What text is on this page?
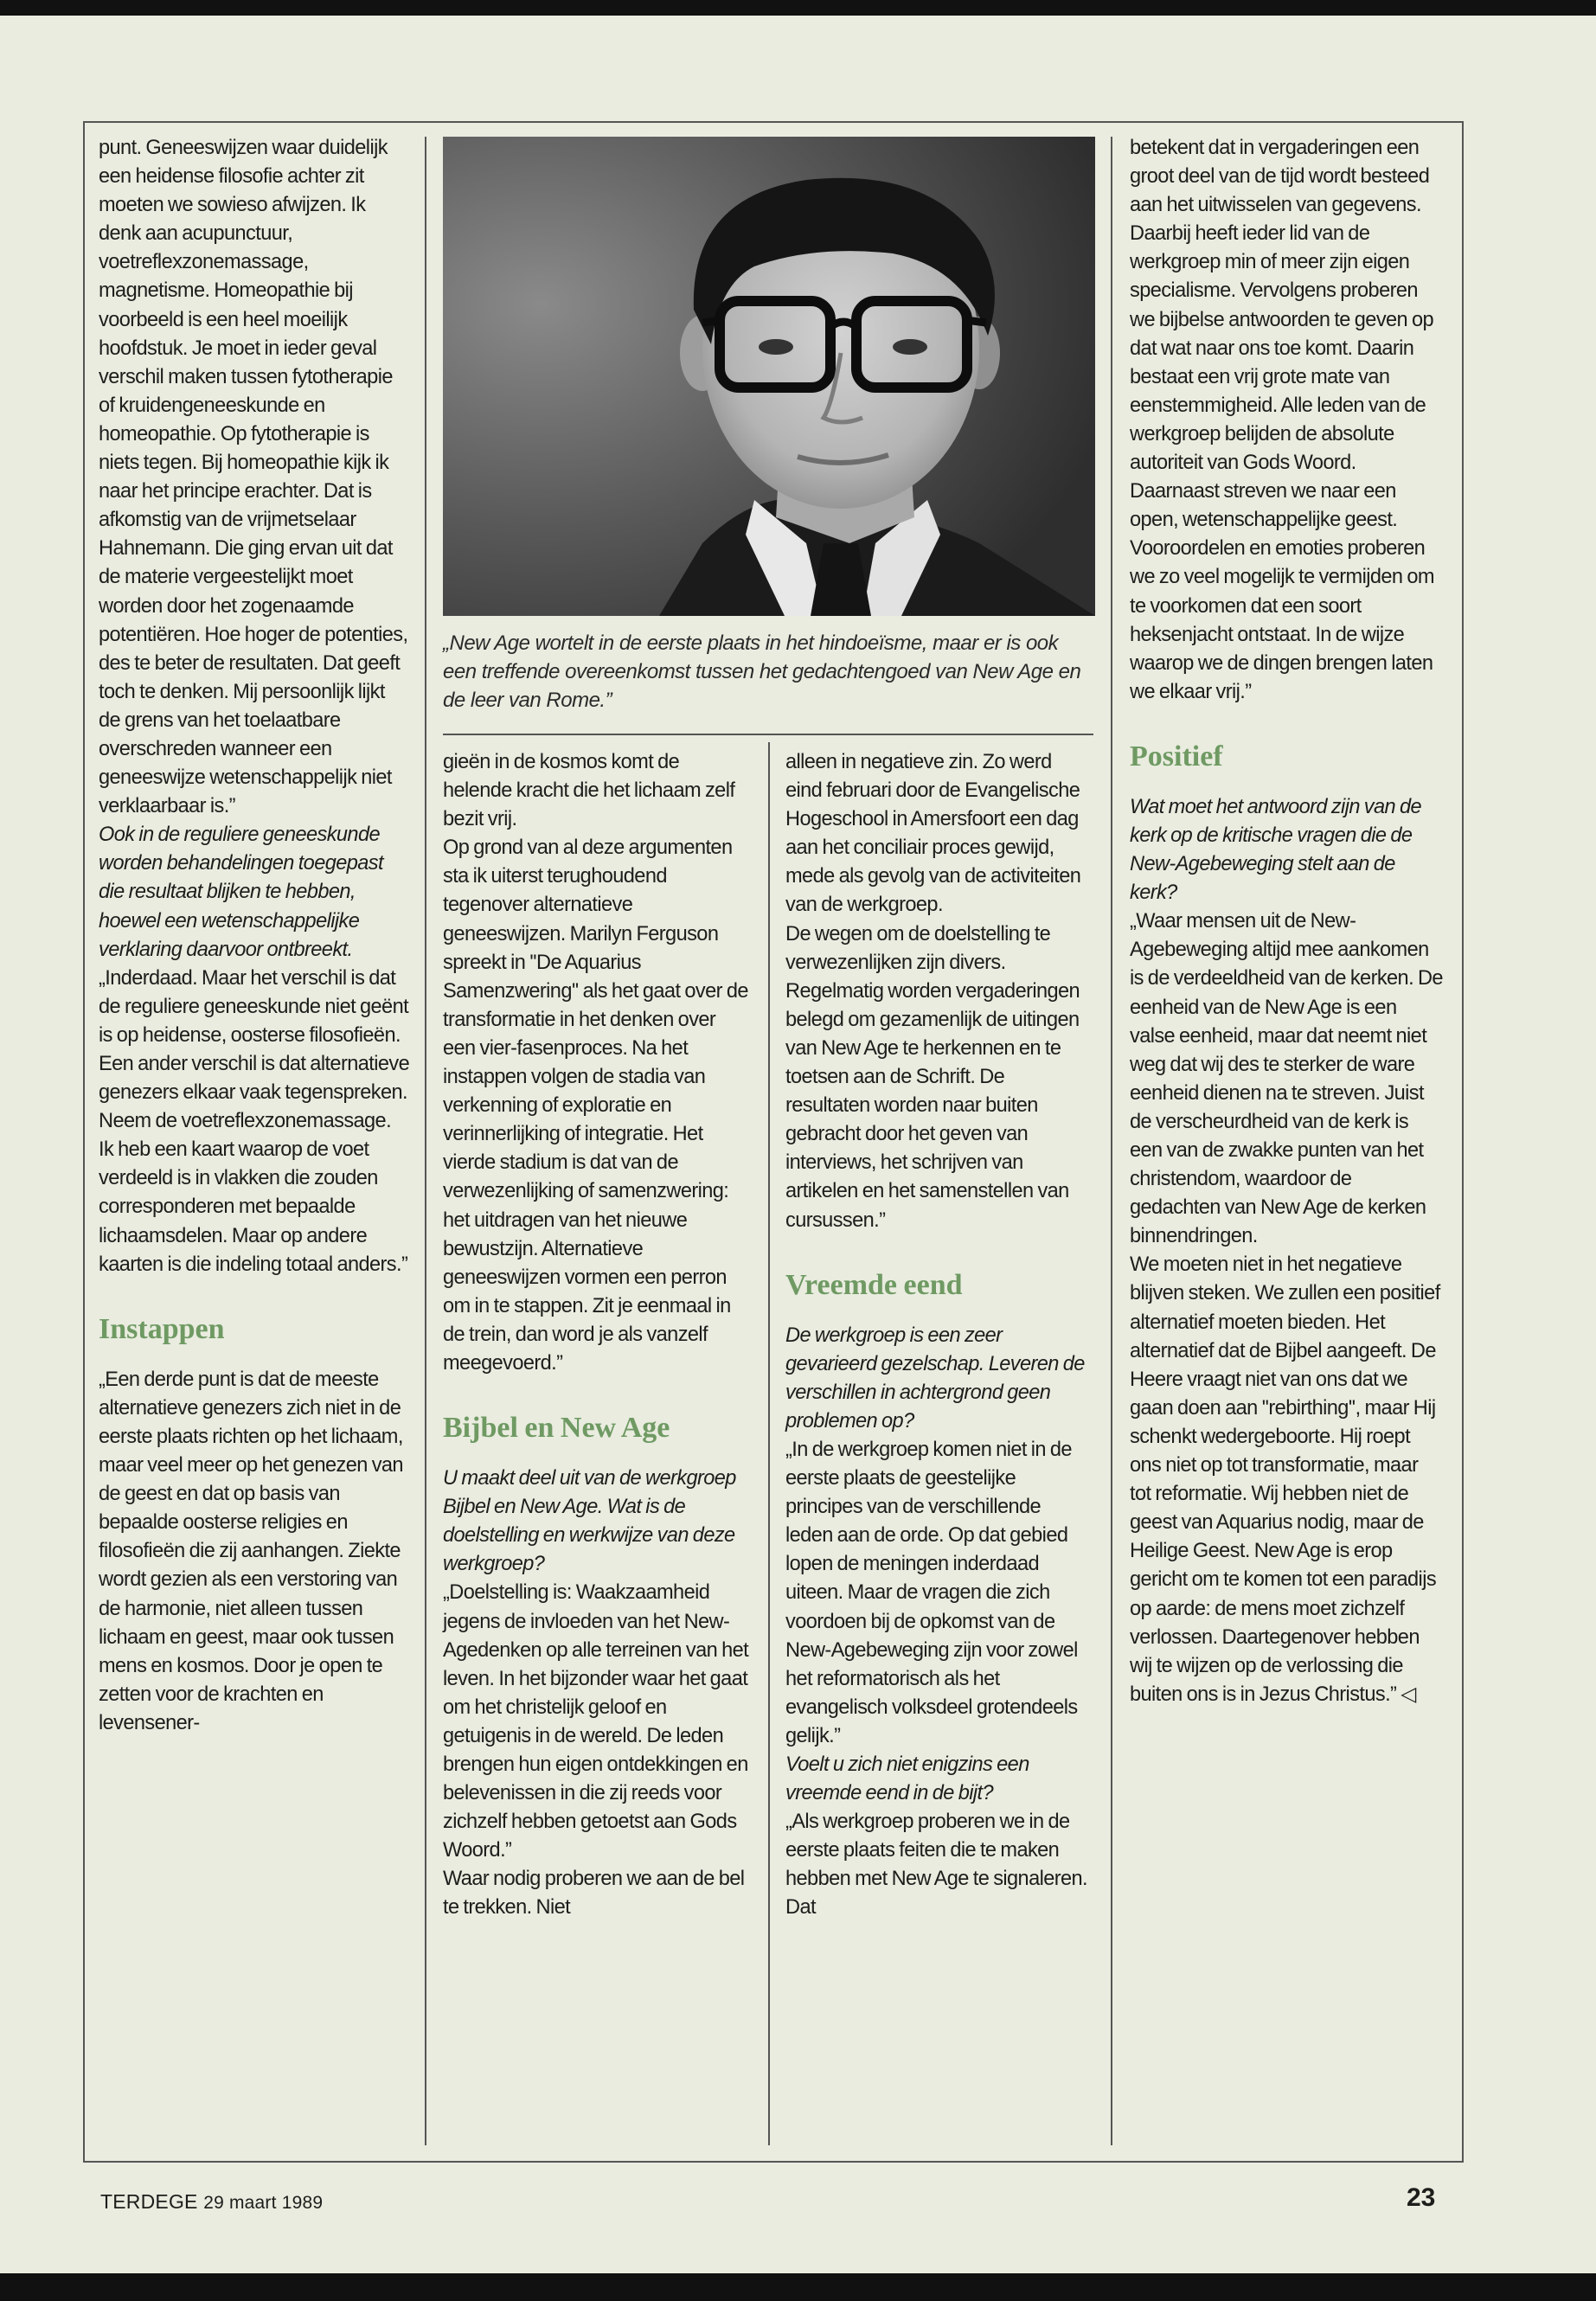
punt. Geneeswijzen waar duidelijk een heidense filosofie achter zit moeten we sowieso afwijzen. Ik denk aan acupunctuur, voetreflexzonemassage, magnetisme. Homeopathie bij voorbeeld is een heel moeilijk hoofdstuk. Je moet in ieder geval verschil maken tussen fytotherapie of kruidengeneeskunde en homeopathie. Op fytotherapie is niets tegen. Bij homeopathie kijk ik naar het principe erachter. Dat is afkomstig van de vrijmetselaar Hahnemann. Die ging ervan uit dat de materie vergeestelijkt moet worden door het zogenaamde potentiëren. Hoe hoger de potenties, des te beter de resultaten. Dat geeft toch te denken. Mij persoonlijk lijkt de grens van het toelaatbare overschreden wanneer een geneeswijze wetenschappelijk niet verklaarbaar is.”

Ook in de reguliere geneeskunde worden behandelingen toegepast die resultaat blijken te hebben, hoewel een wetenschappelijke verklaring daarvoor ontbreekt.

„Inderdaad. Maar het verschil is dat de reguliere geneeskunde niet geënt is op heidense, oosterse filosofieën. Een ander verschil is dat alternatieve genezers elkaar vaak tegenspreken. Neem de voetreflexzonemassage. Ik heb een kaart waarop de voet verdeeld is in vlakken die zouden corresponderen met bepaalde lichaamsdelen. Maar op andere kaarten is die indeling totaal anders.”

Instappen

„Een derde punt is dat de meeste alternatieve genezers zich niet in de eerste plaats richten op het lichaam, maar veel meer op het genezen van de geest en dat op basis van bepaalde oosterse religies en filosofieën die zij aanhangen. Ziekte wordt gezien als een verstoring van de harmonie, niet alleen tussen lichaam en geest, maar ook tussen mens en kosmos. Door je open te zetten voor de krachten en levensener-

„New Age wortelt in de eerste plaats in het hindoeïsme, maar er is ook een treffende overeenkomst tussen het gedachtengoed van New Age en de leer van Rome.”

gieën in de kosmos komt de helende kracht die het lichaam zelf bezit vrij.

Op grond van al deze argumenten sta ik uiterst terughoudend tegenover alternatieve geneeswijzen. Marilyn Ferguson spreekt in ''De Aquarius Samenzwering'' als het gaat over de transformatie in het denken over een vier-fasenproces. Na het instappen volgen de stadia van verkenning of exploratie en verinnerlijking of integratie. Het vierde stadium is dat van de verwezenlijking of samenzwering: het uitdragen van het nieuwe bewustzijn. Alternatieve geneeswijzen vormen een perron om in te stappen. Zit je eenmaal in de trein, dan word je als vanzelf meegevoerd.”

Bijbel en New Age

U maakt deel uit van de werkgroep Bijbel en New Age. Wat is de doelstelling en werkwijze van deze werkgroep?

„Doelstelling is: Waakzaamheid jegens de invloeden van het New-Agedenken op alle terreinen van het leven. In het bijzonder waar het gaat om het christelijk geloof en getuigenis in de wereld. De leden brengen hun eigen ontdekkingen en belevenissen in die zij reeds voor zichzelf hebben getoetst aan Gods Woord.”

Waar nodig proberen we aan de bel te trekken. Niet

alleen in negatieve zin. Zo werd eind februari door de Evangelische Hogeschool in Amersfoort een dag aan het conciliair proces gewijd, mede als gevolg van de activiteiten van de werkgroep.

De wegen om de doelstelling te verwezenlijken zijn divers. Regelmatig worden vergaderingen belegd om gezamenlijk de uitingen van New Age te herkennen en te toetsen aan de Schrift. De resultaten worden naar buiten gebracht door het geven van interviews, het schrijven van artikelen en het samenstellen van cursussen.”

Vreemde eend

De werkgroep is een zeer gevarieerd gezelschap. Leveren de verschillen in achtergrond geen problemen op?

„In de werkgroep komen niet in de eerste plaats de geestelijke principes van de verschillende leden aan de orde. Op dat gebied lopen de meningen inderdaad uiteen. Maar de vragen die zich voordoen bij de opkomst van de New-Agebeweging zijn voor zowel het reformatorisch als het evangelisch volksdeel grotendeels gelijk.”

Voelt u zich niet enigzins een vreemde eend in de bijt?

„Als werkgroep proberen we in de eerste plaats feiten die te maken hebben met New Age te signaleren. Dat

betekent dat in vergaderingen een groot deel van de tijd wordt besteed aan het uitwisselen van gegevens. Daarbij heeft ieder lid van de werkgroep min of meer zijn eigen specialisme. Vervolgens proberen we bijbelse antwoorden te geven op dat wat naar ons toe komt. Daarin bestaat een vrij grote mate van eenstemmigheid. Alle leden van de werkgroep belijden de absolute autoriteit van Gods Woord. Daarnaast streven we naar een open, wetenschappelijke geest. Vooroordelen en emoties proberen we zo veel mogelijk te vermijden om te voorkomen dat een soort heksenjacht ontstaat. In de wijze waarop we de dingen brengen laten we elkaar vrij.”

Positief

Wat moet het antwoord zijn van de kerk op de kritische vragen die de New-Agebeweging stelt aan de kerk?

„Waar mensen uit de New-Agebeweging altijd mee aankomen is de verdeeldheid van de kerken. De eenheid van de New Age is een valse eenheid, maar dat neemt niet weg dat wij des te sterker de ware eenheid dienen na te streven. Juist de verscheurdheid van de kerk is een van de zwakke punten van het christendom, waardoor de gedachten van New Age de kerken binnendringen.

We moeten niet in het negatieve blijven steken. We zullen een positief alternatief moeten bieden. Het alternatief dat de Bijbel aangeeft. De Heere vraagt niet van ons dat we gaan doen aan ''rebirthing'', maar Hij schenkt wedergeboorte. Hij roept ons niet op tot transformatie, maar tot reformatie. Wij hebben niet de geest van Aquarius nodig, maar de Heilige Geest. New Age is erop gericht om te komen tot een paradijs op aarde: de mens moet zichzelf verlossen. Daartegenover hebben wij te wijzen op de verlossing die buiten ons is in Jezus Christus.” ◁

TERDEGE 29 maart 1989	23
